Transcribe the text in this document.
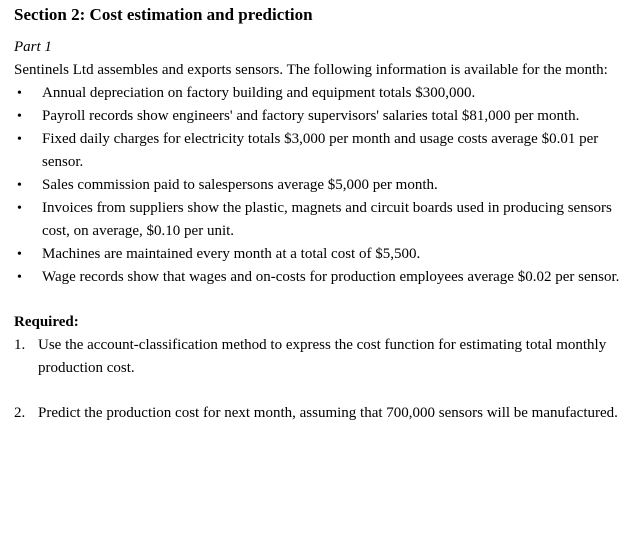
Section 2: Cost estimation and prediction
Part 1
Sentinels Ltd assembles and exports sensors. The following information is available for the month:
• Annual depreciation on factory building and equipment totals $300,000.
• Payroll records show engineers' and factory supervisors' salaries total $81,000 per month.
• Fixed daily charges for electricity totals $3,000 per month and usage costs average $0.01 per sensor.
• Sales commission paid to salespersons average $5,000 per month.
• Invoices from suppliers show the plastic, magnets and circuit boards used in producing sensors cost, on average, $0.10 per unit.
• Machines are maintained every month at a total cost of $5,500.
• Wage records show that wages and on-costs for production employees average $0.02 per sensor.
Required:
1. Use the account-classification method to express the cost function for estimating total monthly production cost.
2. Predict the production cost for next month, assuming that 700,000 sensors will be manufactured.
